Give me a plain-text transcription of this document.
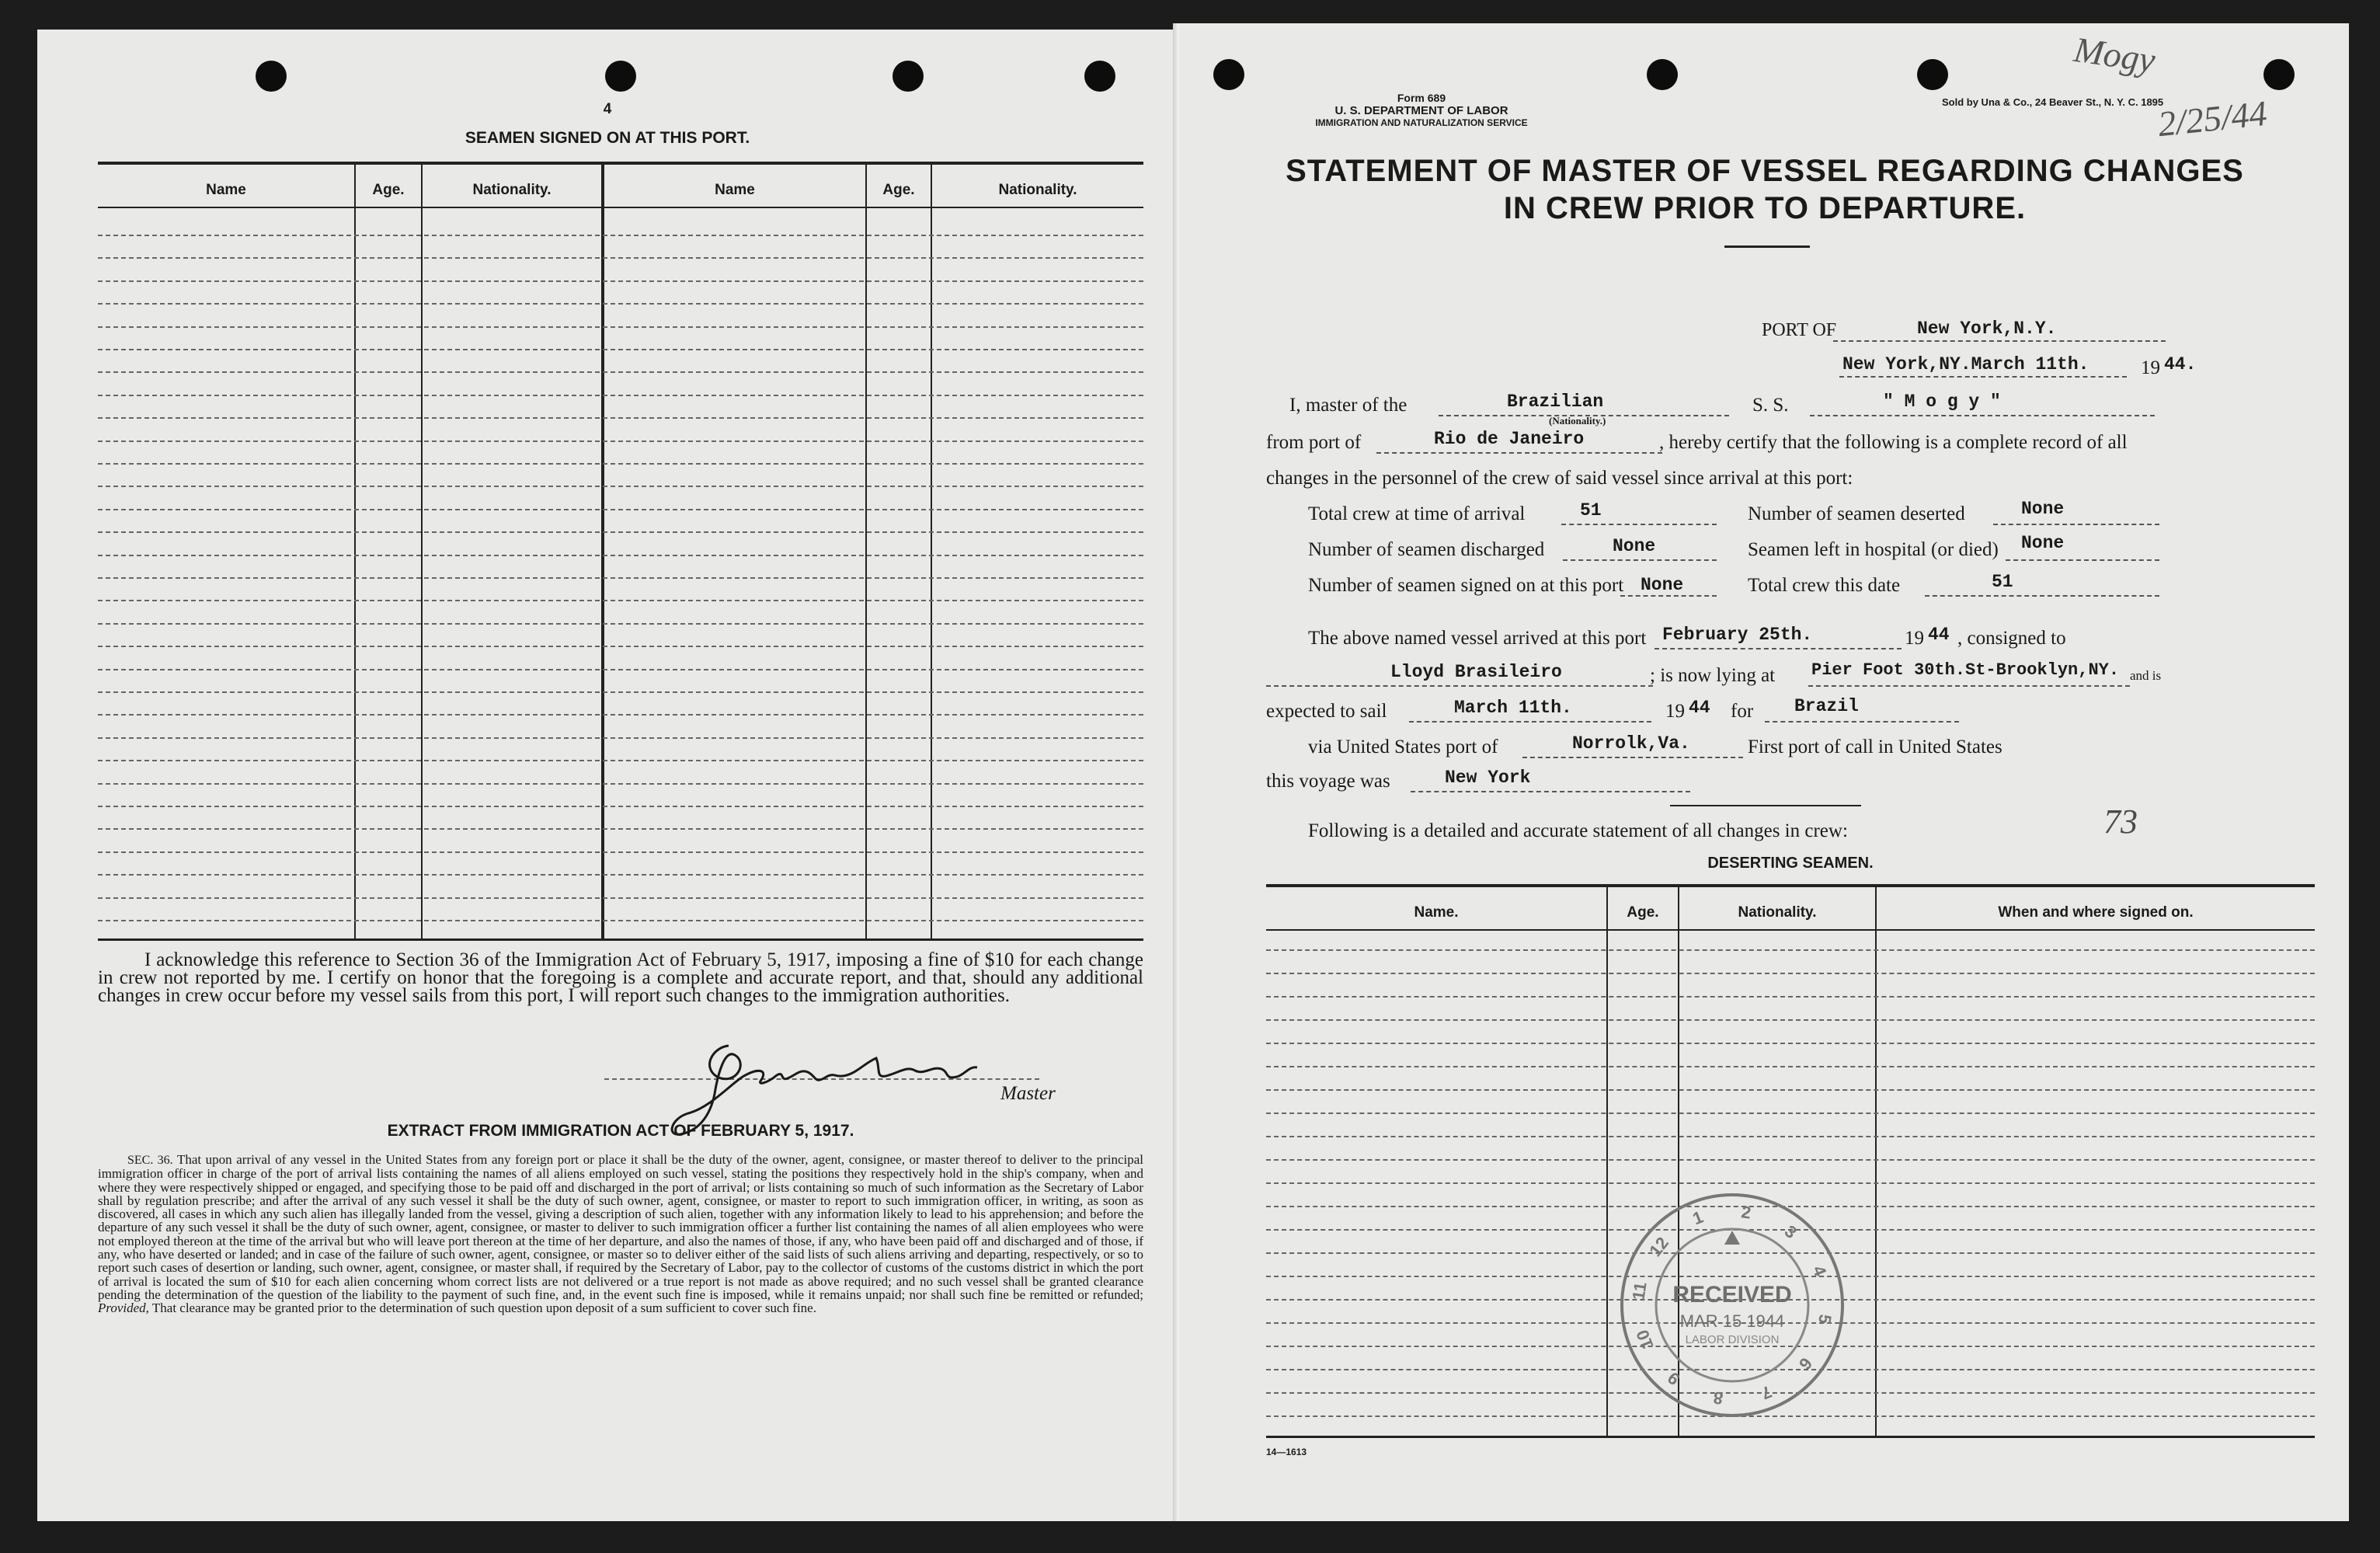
4
SEAMEN SIGNED ON AT THIS PORT.
Name	Age.	Nationality.	Name	Age.	Nationality.
I acknowledge this reference to Section 36 of the Immigration Act of February 5, 1917, imposing a fine of $10 for each change in crew not reported by me. I certify on honor that the foregoing is a complete and accurate report, and that, should any additional changes in crew occur before my vessel sails from this port, I will report such changes to the immigration authorities.
Master
EXTRACT FROM IMMIGRATION ACT OF FEBRUARY 5, 1917.
SEC. 36. That upon arrival of any vessel in the United States from any foreign port or place it shall be the duty of the owner, agent, consignee, or master thereof to deliver to the principal immigration officer in charge of the port of arrival lists containing the names of all aliens employed on such vessel, stating the positions they respectively hold in the ship's company, when and where they were respectively shipped or engaged, and specifying those to be paid off and discharged in the port of arrival; or lists containing so much of such information as the Secretary of Labor shall by regulation prescribe; and after the arrival of any such vessel it shall be the duty of such owner, agent, consignee, or master to report to such immigration officer, in writing, as soon as discovered, all cases in which any such alien has illegally landed from the vessel, giving a description of such alien, together with any information likely to lead to his apprehension; and before the departure of any such vessel it shall be the duty of such owner, agent, consignee, or master to deliver to such immigration officer a further list containing the names of all alien employees who were not employed thereon at the time of the arrival but who will leave port thereon at the time of her departure, and also the names of those, if any, who have been paid off and discharged and of those, if any, who have deserted or landed; and in case of the failure of such owner, agent, consignee, or master so to deliver either of the said lists of such aliens arriving and departing, respectively, or so to report such cases of desertion or landing, such owner, agent, consignee, or master shall, if required by the Secretary of Labor, pay to the collector of customs of the customs district in which the port of arrival is located the sum of $10 for each alien concerning whom correct lists are not delivered or a true report is not made as above required; and no such vessel shall be granted clearance pending the determination of the question of the liability to the payment of such fine, and, in the event such fine is imposed, while it remains unpaid; nor shall such fine be remitted or refunded; Provided, That clearance may be granted prior to the determination of such question upon deposit of a sum sufficient to cover such fine.
Mogy
2/25/44
Form 689
U. S. DEPARTMENT OF LABOR
IMMIGRATION AND NATURALIZATION SERVICE
Sold by Una & Co., 24 Beaver St., N. Y. C. 1895
STATEMENT OF MASTER OF VESSEL REGARDING CHANGES
IN CREW PRIOR TO DEPARTURE.
PORT OF	New York,N.Y.
New York,NY.March 11th.	19 44.
I, master of the	Brazilian
(Nationality.)
S. S.	" M o g y "
from port of	Rio de Janeiro	, hereby certify that the following is a complete record of all
changes in the personnel of the crew of said vessel since arrival at this port:
Total crew at time of arrival	51	Number of seamen deserted	None
Number of seamen discharged	None	Seamen left in hospital (or died) None
Number of seamen signed on at this port None	Total crew this date	51
The above named vessel arrived at this port February 25th.	19 44 , consigned to
Lloyd Brasileiro	; is now lying at Pier Foot 30th.St-Brooklyn,NY. and is
expected to sail	March 11th.	19 44 for Brazil
via United States port of	Norrolk,Va.	First port of call in United States
this voyage was	New York
Following is a detailed and accurate statement of all changes in crew:	73
DESERTING SEAMEN.
Name.	Age.	Nationality.	When and where signed on.
1	2
3
4
5
6
7
8
9
10
11
12
RECEIVED
MAR 15 1944
LABOR DIVISION
14—1613
